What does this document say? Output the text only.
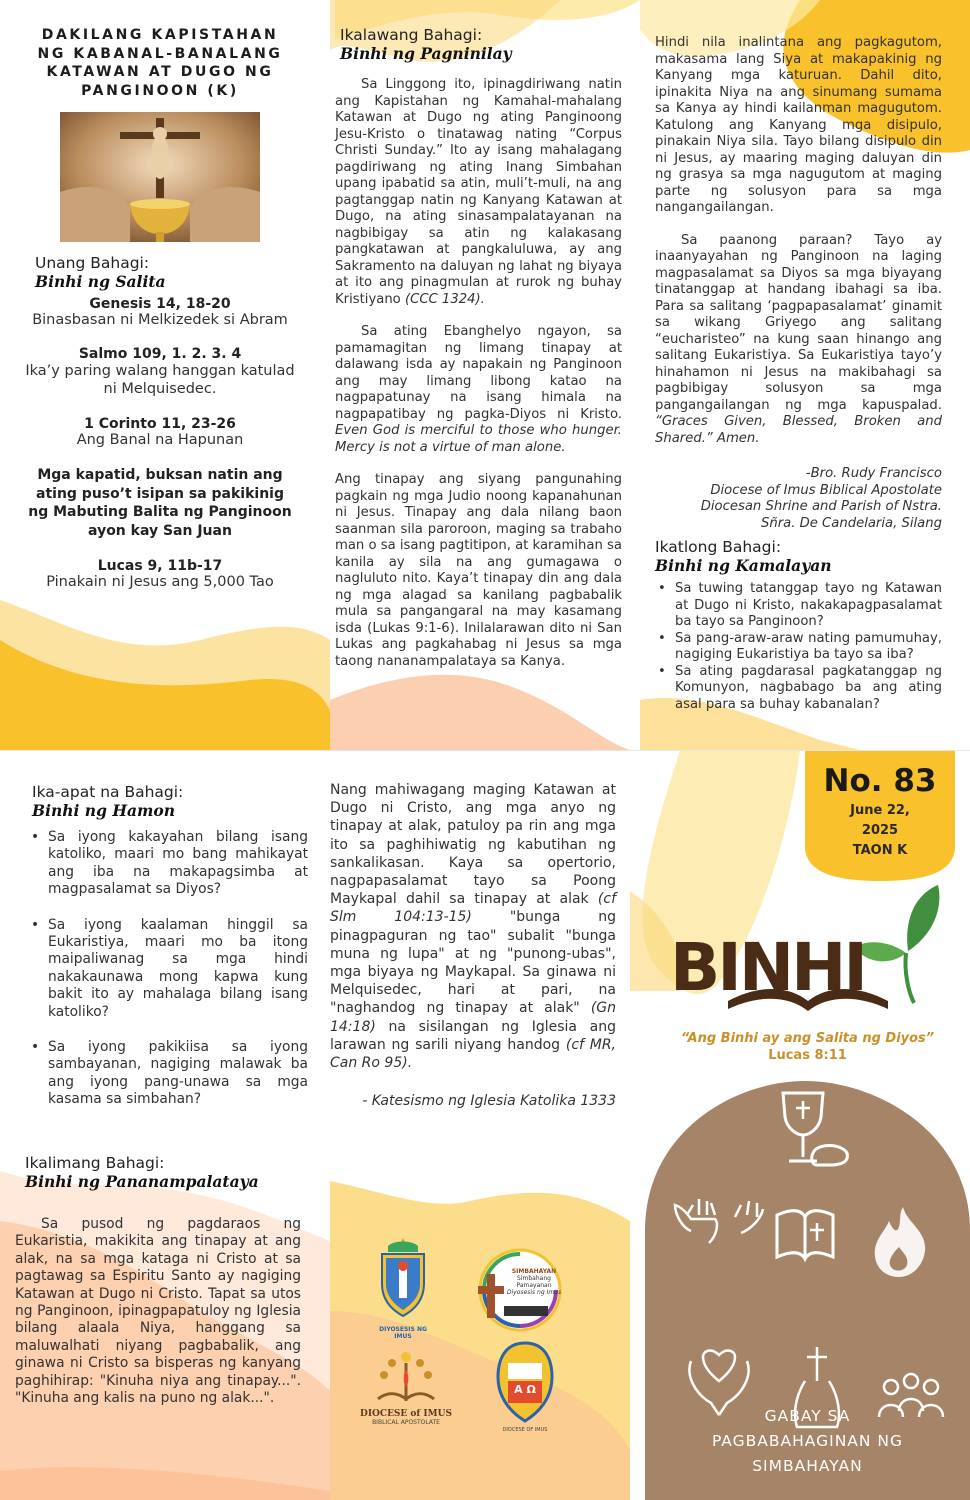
DAKILANG KAPISTAHAN
NG KABANAL-BANALANG
KATAWAN AT DUGO NG
PANGINOON (K)
Unang Bahagi:
Binhi ng Salita
Genesis 14, 18-20
Binasbasan ni Melkizedek si Abram
Salmo 109, 1. 2. 3. 4
Ika’y paring walang hanggan katulad ni Melquisedec.
1 Corinto 11, 23-26
Ang Banal na Hapunan
Mga kapatid, buksan natin ang ating puso’t isipan sa pakikinig ng Mabuting Balita ng Panginoon ayon kay San Juan
Lucas 9, 11b-17
Pinakain ni Jesus ang 5,000 Tao
Ikalawang Bahagi:
Binhi ng Pagninilay

Sa Linggong ito, ipinagdiriwang natin ang Kapistahan ng Kamahal-mahalang Katawan at Dugo ng ating Panginoong Jesu-Kristo o tinatawag nating “Corpus Christi Sunday.” Ito ay isang mahalagang pagdiriwang ng ating Inang Simbahan upang ipabatid sa atin, muli’t-muli, na ang pagtanggap natin ng Kanyang Katawan at Dugo, na ating sinasampalatayanan na nagbibigay sa atin ng kalakasang pangkatawan at pangkaluluwa, ay ang Sakramento na daluyan ng lahat ng biyaya at ito ang pinagmulan at rurok ng buhay Kristiyano (CCC 1324).

Sa ating Ebanghelyo ngayon, sa pamamagitan ng limang tinapay at dalawang isda ay napakain ng Panginoon ang may limang libong katao na nagpapatunay na isang himala na nagpapatibay ng pagka-Diyos ni Kristo. Even God is merciful to those who hunger. Mercy is not a virtue of man alone.

Ang tinapay ang siyang pangunahing pagkain ng mga Judio noong kapanahunan ni Jesus. Tinapay ang dala nilang baon saanman sila paroroon, maging sa trabaho man o sa isang pagtitipon, at karamihan sa kanila ay sila na ang gumagawa o nagluluto nito. Kaya’t tinapay din ang dala ng mga alagad sa kanilang pagbabalik mula sa pangangaral na may kasamang isda (Lukas 9:1-6). Inilalarawan dito ni San Lukas ang pagkahabag ni Jesus sa mga taong nananampalataya sa Kanya.

Hindi nila inalintana ang pagkagutom, makasama lang Siya at makapakinig ng Kanyang mga katuruan. Dahil dito, ipinakita Niya na ang sinumang sumama sa Kanya ay hindi kailanman magugutom. Katulong ang Kanyang mga disipulo, pinakain Niya sila. Tayo bilang disipulo din ni Jesus, ay maaring maging daluyan din ng grasya sa mga nagugutom at maging parte ng solusyon para sa mga nangangailangan.

Sa paanong paraan? Tayo ay inaanyayahan ng Panginoon na laging magpasalamat sa Diyos sa mga biyayang tinatanggap at handang ibahagi sa iba. Para sa salitang ‘pagpapasalamat’ ginamit sa wikang Griyego ang salitang “eucharisteo” na kung saan hinango ang salitang Eukaristiya. Sa Eukaristiya tayo’y hinahamon ni Jesus na makibahagi sa pagbibigay solusyon sa mga pangangailangan ng mga kapuspalad. “Graces Given, Blessed, Broken and Shared.” Amen.

-Bro. Rudy Francisco
Diocese of Imus Biblical Apostolate
Diocesan Shrine and Parish of Nstra.
Sñra. De Candelaria, Silang
Ikatlong Bahagi:
Binhi ng Kamalayan
• Sa tuwing tatanggap tayo ng Katawan at Dugo ni Kristo, nakakapagpasalamat ba tayo sa Panginoon?
• Sa pang-araw-araw nating pamumuhay, nagiging Eukaristiya ba tayo sa iba?
• Sa ating pagdarasal pagkatanggap ng Komunyon, nagbabago ba ang ating asal para sa buhay kabanalan?
Ika-apat na Bahagi:
Binhi ng Hamon
• Sa iyong kakayahan bilang isang katoliko, maari mo bang mahikayat ang iba na makapagsimba at magpasalamat sa Diyos?
• Sa iyong kaalaman hinggil sa Eukaristiya, maari mo ba itong maipaliwanag sa mga hindi nakakaunawa mong kapwa kung bakit ito ay mahalaga bilang isang katoliko?
• Sa iyong pakikiisa sa iyong sambayanan, nagiging malawak ba ang iyong pang-unawa sa mga kasama sa simbahan?
Ikalimang Bahagi:
Binhi ng Pananampalataya
Sa pusod ng pagdaraos ng Eukaristia, makikita ang tinapay at ang alak, na sa mga kataga ni Cristo at sa pagtawag sa Espiritu Santo ay nagiging Katawan at Dugo ni Cristo. Tapat sa utos ng Panginoon, ipinagpapatuloy ng Iglesia bilang alaala Niya, hanggang sa maluwalhati niyang pagbabalik, ang ginawa ni Cristo sa bisperas ng kanyang paghihirap: "Kinuha niya ang tinapay...". "Kinuha ang kalis na puno ng alak...".
Nang mahiwagang maging Katawan at Dugo ni Cristo, ang mga anyo ng tinapay at alak, patuloy pa rin ang mga ito sa paghihiwatig ng kabutihan ng sankalikasan. Kaya sa opertorio, nagpapasalamat tayo sa Poong Maykapal dahil sa tinapay at alak (cf Slm 104:13-15)	"bunga ng pinagpaguran ng tao" subalit "bunga muna ng lupa" at ng "punong-ubas", mga biyaya ng Maykapal. Sa ginawa ni Melquisedec, hari at pari, na "naghandog ng tinapay at alak" (Gn 14:18) na sisilangan ng Iglesia ang larawan ng sarili niyang handog (cf MR, Can Ro 95).
- Katesismo ng Iglesia Katolika 1333
DIYOSESIS NG IMUS
SIMBAHAYAN
Simbahang Pamayanan
Diyosesis ng Imus
DIOCESE of IMUS
BIBLICAL APOSTOLATE
Α Ω
DIOCESE OF IMUS
No. 83
June 22,
2025
TAON K
BINHI
“Ang Binhi ay ang Salita ng Diyos”
Lucas 8:11
GABAY SA
PAGBABAHAGINAN NG
SIMBAHAYAN
